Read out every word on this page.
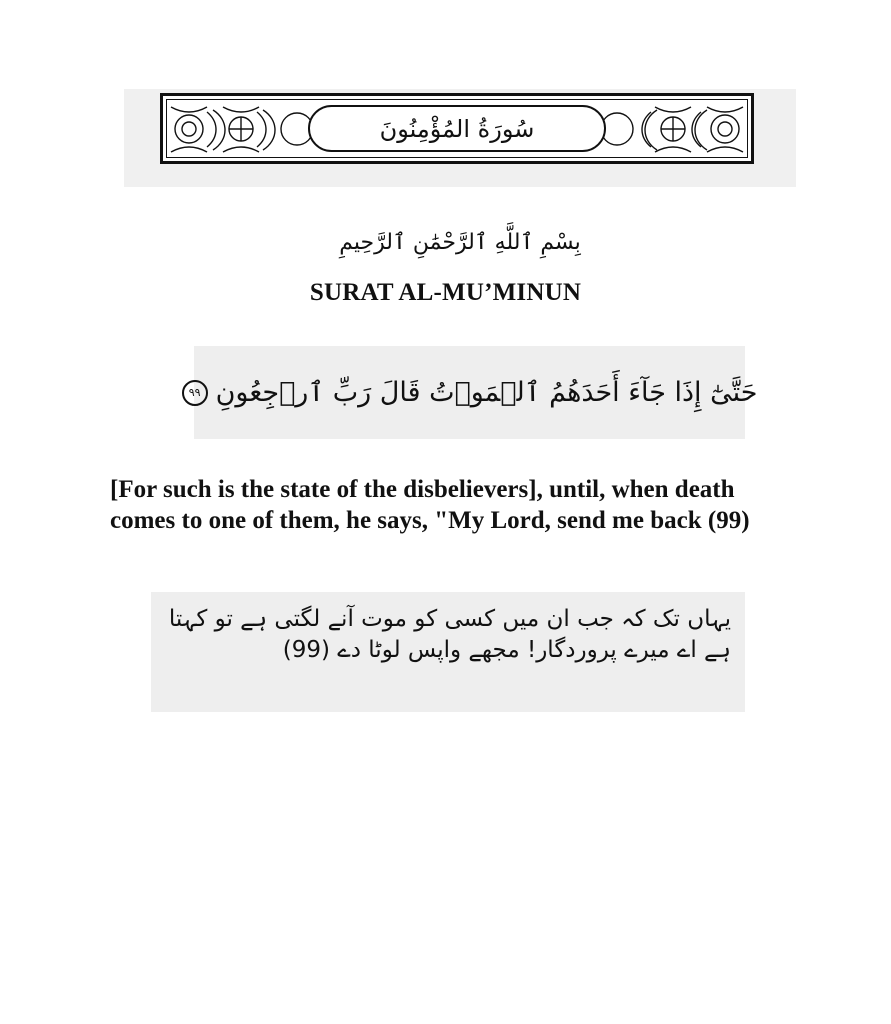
سُورَةُ المُؤْمِنُونَ
بِسْمِ ٱللَّهِ ٱلرَّحْمَٰنِ ٱلرَّحِيمِ
SURAT AL-MU’MINUN
حَتَّىٰٓ إِذَا جَآءَ أَحَدَهُمُ ٱلۡمَوۡتُ قَالَ رَبِّ ٱرۡجِعُونِ
٩٩

[For such is the state of the disbelievers], until, when death comes to one of them, he says, "My Lord, send me back (99)

یہاں تک کہ جب ان میں کسی کو موت آنے لگتی ہے تو کہتا ہے اے میرے پروردگار! مجھے واپس لوٹا دے (99)
